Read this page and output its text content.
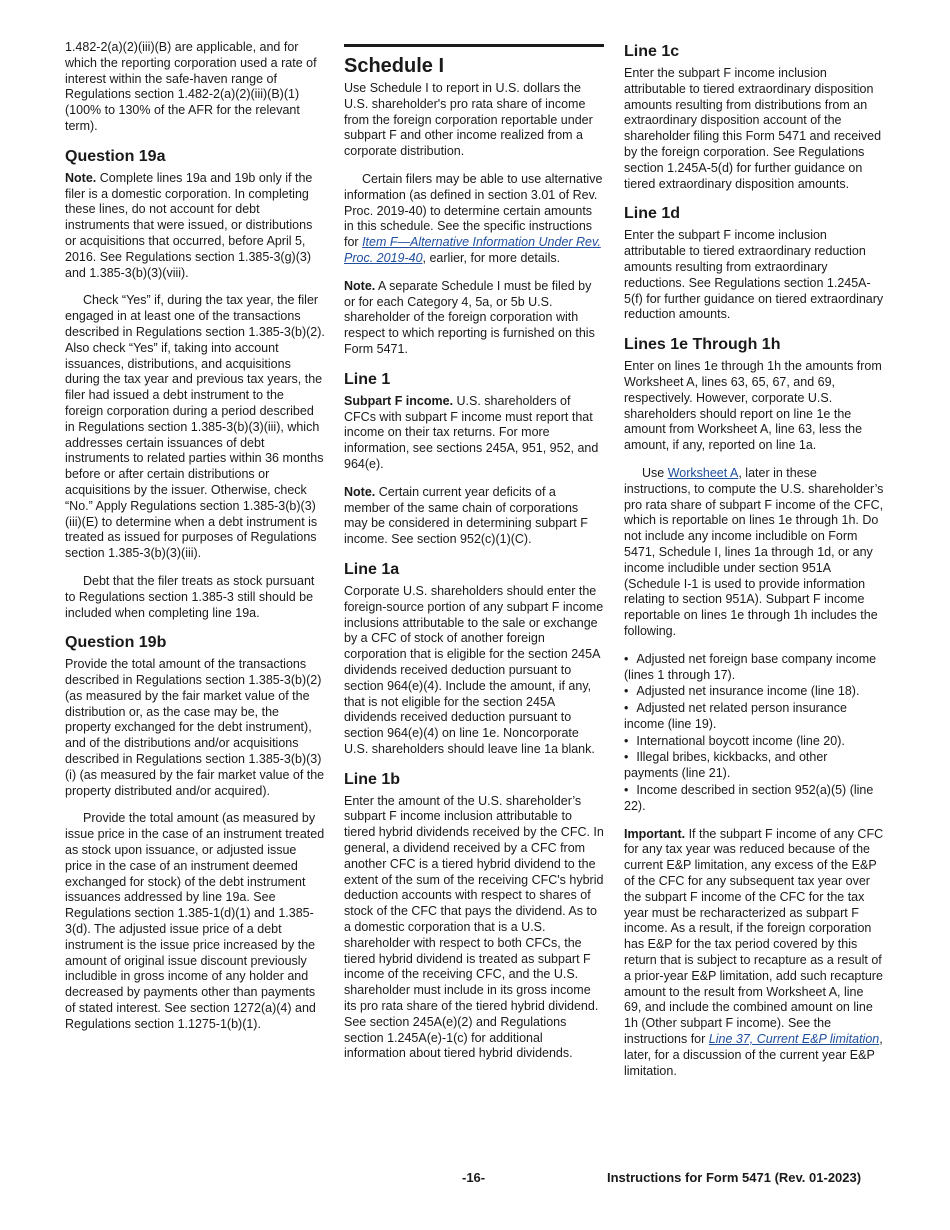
1.482-2(a)(2)(iii)(B) are applicable, and for which the reporting corporation used a rate of interest within the safe-haven range of Regulations section 1.482-2(a)(2)(iii)(B)(1) (100% to 130% of the AFR for the relevant term).

Question 19a

Note. Complete lines 19a and 19b only if the filer is a domestic corporation. In completing these lines, do not account for debt instruments that were issued, or distributions or acquisitions that occurred, before April 5, 2016. See Regulations section 1.385-3(g)(3) and 1.385-3(b)(3)(viii).

Check “Yes” if, during the tax year, the filer engaged in at least one of the transactions described in Regulations section 1.385-3(b)(2). Also check “Yes” if, taking into account issuances, distributions, and acquisitions during the tax year and previous tax years, the filer had issued a debt instrument to the foreign corporation during a period described in Regulations section 1.385-3(b)(3)(iii), which addresses certain issuances of debt instruments to related parties within 36 months before or after certain distributions or acquisitions by the issuer. Otherwise, check “No.” Apply Regulations section 1.385-3(b)(3)(iii)(E) to determine when a debt instrument is treated as issued for purposes of Regulations section 1.385-3(b)(3)(iii).

Debt that the filer treats as stock pursuant to Regulations section 1.385-3 still should be included when completing line 19a.

Question 19b

Provide the total amount of the transactions described in Regulations section 1.385-3(b)(2) (as measured by the fair market value of the distribution or, as the case may be, the property exchanged for the debt instrument), and of the distributions and/or acquisitions described in Regulations section 1.385-3(b)(3)(i) (as measured by the fair market value of the property distributed and/or acquired).

Provide the total amount (as measured by issue price in the case of an instrument treated as stock upon issuance, or adjusted issue price in the case of an instrument deemed exchanged for stock) of the debt instrument issuances addressed by line 19a. See Regulations section 1.385-1(d)(1) and 1.385-3(d). The adjusted issue price of a debt instrument is the issue price increased by the amount of original issue discount previously includible in gross income of any holder and decreased by payments other than payments of stated interest. See section 1272(a)(4) and Regulations section 1.1275-1(b)(1).

Schedule I

Use Schedule I to report in U.S. dollars the U.S. shareholder's pro rata share of income from the foreign corporation reportable under subpart F and other income realized from a corporate distribution.

Certain filers may be able to use alternative information (as defined in section 3.01 of Rev. Proc. 2019-40) to determine certain amounts in this schedule. See the specific instructions for Item F—Alternative Information Under Rev. Proc. 2019-40, earlier, for more details.

Note. A separate Schedule I must be filed by or for each Category 4, 5a, or 5b U.S. shareholder of the foreign corporation with respect to which reporting is furnished on this Form 5471.

Line 1

Subpart F income. U.S. shareholders of CFCs with subpart F income must report that income on their tax returns. For more information, see sections 245A, 951, 952, and 964(e).

Note. Certain current year deficits of a member of the same chain of corporations may be considered in determining subpart F income. See section 952(c)(1)(C).

Line 1a

Corporate U.S. shareholders should enter the foreign-source portion of any subpart F income inclusions attributable to the sale or exchange by a CFC of stock of another foreign corporation that is eligible for the section 245A dividends received deduction pursuant to section 964(e)(4). Include the amount, if any, that is not eligible for the section 245A dividends received deduction pursuant to section 964(e)(4) on line 1e. Noncorporate U.S. shareholders should leave line 1a blank.

Line 1b

Enter the amount of the U.S. shareholder’s subpart F income inclusion attributable to tiered hybrid dividends received by the CFC. In general, a dividend received by a CFC from another CFC is a tiered hybrid dividend to the extent of the sum of the receiving CFC's hybrid deduction accounts with respect to shares of stock of the CFC that pays the dividend. As to a domestic corporation that is a U.S. shareholder with respect to both CFCs, the tiered hybrid dividend is treated as subpart F income of the receiving CFC, and the U.S. shareholder must include in its gross income its pro rata share of the tiered hybrid dividend. See section 245A(e)(2) and Regulations section 1.245A(e)-1(c) for additional information about tiered hybrid dividends.

Line 1c

Enter the subpart F income inclusion attributable to tiered extraordinary disposition amounts resulting from distributions from an extraordinary disposition account of the shareholder filing this Form 5471 and received by the foreign corporation. See Regulations section 1.245A-5(d) for further guidance on tiered extraordinary disposition amounts.

Line 1d

Enter the subpart F income inclusion attributable to tiered extraordinary reduction amounts resulting from extraordinary reductions. See Regulations section 1.245A-5(f) for further guidance on tiered extraordinary reduction amounts.

Lines 1e Through 1h

Enter on lines 1e through 1h the amounts from Worksheet A, lines 63, 65, 67, and 69, respectively. However, corporate U.S. shareholders should report on line 1e the amount from Worksheet A, line 63, less the amount, if any, reported on line 1a.

Use Worksheet A, later in these instructions, to compute the U.S. shareholder’s pro rata share of subpart F income of the CFC, which is reportable on lines 1e through 1h. Do not include any income includible on Form 5471, Schedule I, lines 1a through 1d, or any income includible under section 951A (Schedule I-1 is used to provide information relating to section 951A). Subpart F income reportable on lines 1e through 1h includes the following.

• Adjusted net foreign base company income (lines 1 through 17).
• Adjusted net insurance income (line 18).
• Adjusted net related person insurance income (line 19).
• International boycott income (line 20).
• Illegal bribes, kickbacks, and other payments (line 21).
• Income described in section 952(a)(5) (line 22).

Important. If the subpart F income of any CFC for any tax year was reduced because of the current E&P limitation, any excess of the E&P of the CFC for any subsequent tax year over the subpart F income of the CFC for the tax year must be recharacterized as subpart F income. As a result, if the foreign corporation has E&P for the tax period covered by this return that is subject to recapture as a result of a prior-year E&P limitation, add such recapture amount to the result from Worksheet A, line 69, and include the combined amount on line 1h (Other subpart F income). See the instructions for Line 37, Current E&P limitation, later, for a discussion of the current year E&P limitation.

-16-	Instructions for Form 5471 (Rev. 01-2023)
